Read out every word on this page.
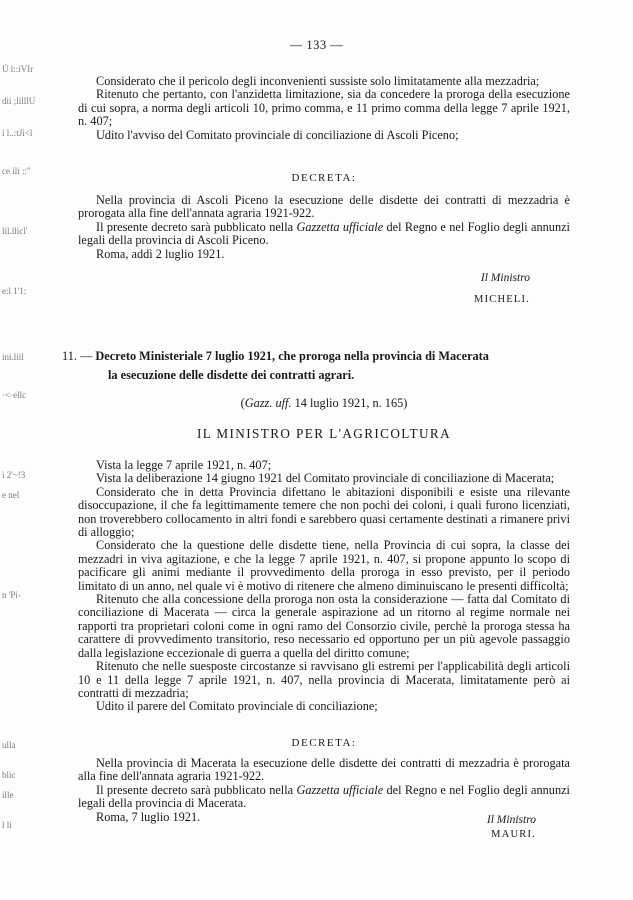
Ú l::iVIr
dii ;lilllU
i l..:tJi<l
ce ili ::"
lil.llicl'
e:l 1'1:
ini.liil
·<·ellc
i 2'~!3
e nel
n 'Pi-
ulla
blic
ille
l li
— 133 —

Considerato che il pericolo degli inconvenienti sussiste solo limitatamente alla mezzadria;

Ritenuto che pertanto, con l'anzidetta limitazione, sia da concedere la proroga della esecuzione di cui sopra, a norma degli articoli 10, primo comma, e 11 primo comma della legge 7 aprile 1921, n. 407;

Udito l'avviso del Comitato provinciale di conciliazione di Ascoli Piceno;

DECRETA:

Nella provincia di Ascoli Piceno la esecuzione delle disdette dei contratti di mezzadria è prorogata alla fine dell'annata agraria 1921-922.

Il presente decreto sarà pubblicato nella Gazzetta ufficiale del Regno e nel Foglio degli annunzi legali della provincia di Ascoli Piceno.

Roma, addì 2 luglio 1921.

Il Ministro
MICHELI.
11. — Decreto Ministeriale 7 luglio 1921, che proroga nella provincia di Macerata
la esecuzione delle disdette dei contratti agrari.
(Gazz. uff. 14 luglio 1921, n. 165)
IL MINISTRO PER L'AGRICOLTURA

Vista la legge 7 aprile 1921, n. 407;

Vista la deliberazione 14 giugno 1921 del Comitato provinciale di conciliazione di Macerata;

Considerato che in detta Provincia difettano le abitazioni disponibili e esiste una rilevante disoccupazione, il che fa legittimamente temere che non pochi dei coloni, i quali furono licenziati, non troverebbero collocamento in altri fondi e sarebbero quasi certamente destinati a rimanere privi di alloggio;

Considerato che la questione delle disdette tiene, nella Provincia di cui sopra, la classe dei mezzadri in viva agitazione, e che la legge 7 aprile 1921, n. 407, si propone appunto lo scopo di pacificare gli animi mediante il provvedimento della proroga in esso previsto, per il periodo limitato di un anno, nel quale vi è motivo di ritenere che almeno diminuiscano le presenti difficoltà;

Ritenuto che alla concessione della proroga non osta la considerazione — fatta dal Comitato di conciliazione di Macerata — circa la generale aspirazione ad un ritorno al regime normale nei rapporti tra proprietari coloni come in ogni ramo del Consorzio civile, perchè la proroga stessa ha carattere di provvedimento transitorio, reso necessario ed opportuno per un più agevole passaggio dalla legislazione eccezionale di guerra a quella del diritto comune;

Ritenuto che nelle suesposte circostanze si ravvisano gli estremi per l'applicabilità degli articoli 10 e 11 della legge 7 aprile 1921, n. 407, nella provincia di Macerata, limitatamente però ai contratti di mezzadria;

Udito il parere del Comitato provinciale di conciliazione;

DECRETA:

Nella provincia di Macerata la esecuzione delle disdette dei contratti di mezzadria è prorogata alla fine dell'annata agraria 1921-922.

Il presente decreto sarà pubblicato nella Gazzetta ufficiale del Regno e nel Foglio degli annunzi legali della provincia di Macerata.

Roma, 7 luglio 1921.	Il Ministro
MAURI.
